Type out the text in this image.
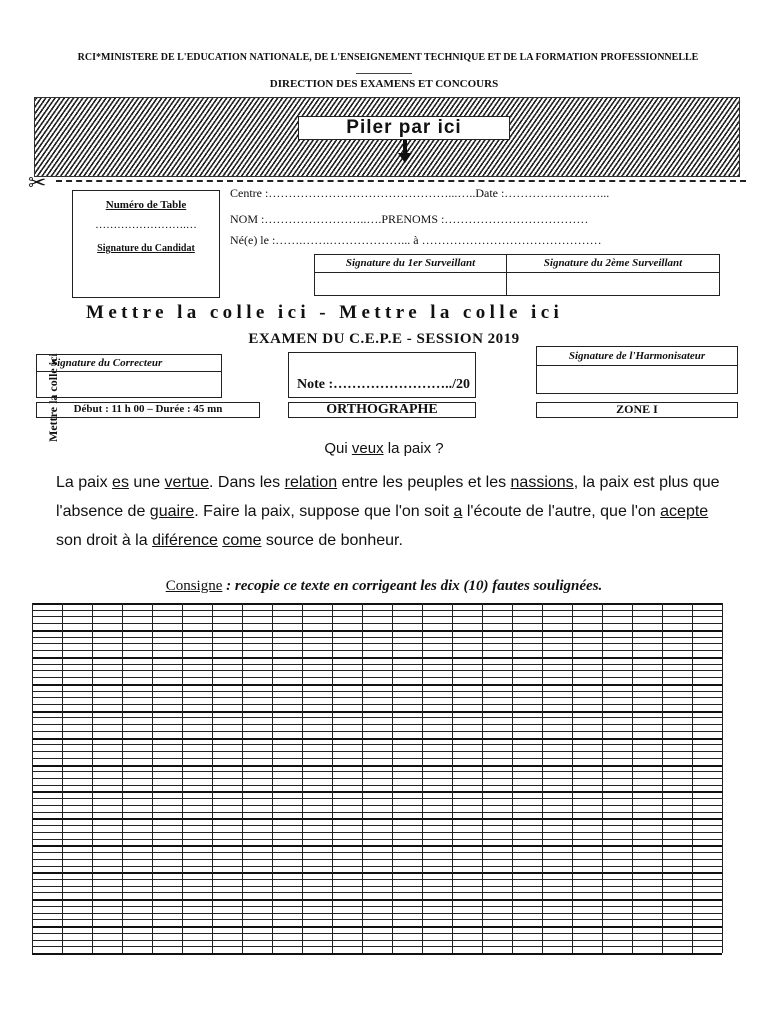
RCI*MINISTERE DE L'EDUCATION NATIONALE, DE L'ENSEIGNEMENT TECHNIQUE ET DE LA FORMATION PROFESSIONNELLE
DIRECTION DES EXAMENS ET CONCOURS
Piler par ici
✂
Mettre la colle ici
Numéro de Table
…………………….…
Signature du Candidat
Centre :………………………………………...…..Date :……………………...
NOM :……………………..….PRENOMS :………………………………
Né(e) le :…….…….………………... à ………………………………………
Signature du 1er Surveillant	Signature du 2ème Surveillant
Mettre la colle ici - Mettre la colle ici
EXAMEN DU C.E.P.E - SESSION 2019
Signature du Correcteur
Note :……………………../20
Signature de l'Harmonisateur
Début : 11 h 00 – Durée : 45 mn	ORTHOGRAPHE	ZONE I
Qui veux la paix ?
La paix es une vertue. Dans les relation entre les peuples et les nassions, la paix est plus que l'absence de guaire. Faire la paix, suppose que l'on soit a l'écoute de l'autre, que l'on acepte son droit à la diférence come source de bonheur.
Consigne : recopie ce texte en corrigeant les dix (10) fautes soulignées.
